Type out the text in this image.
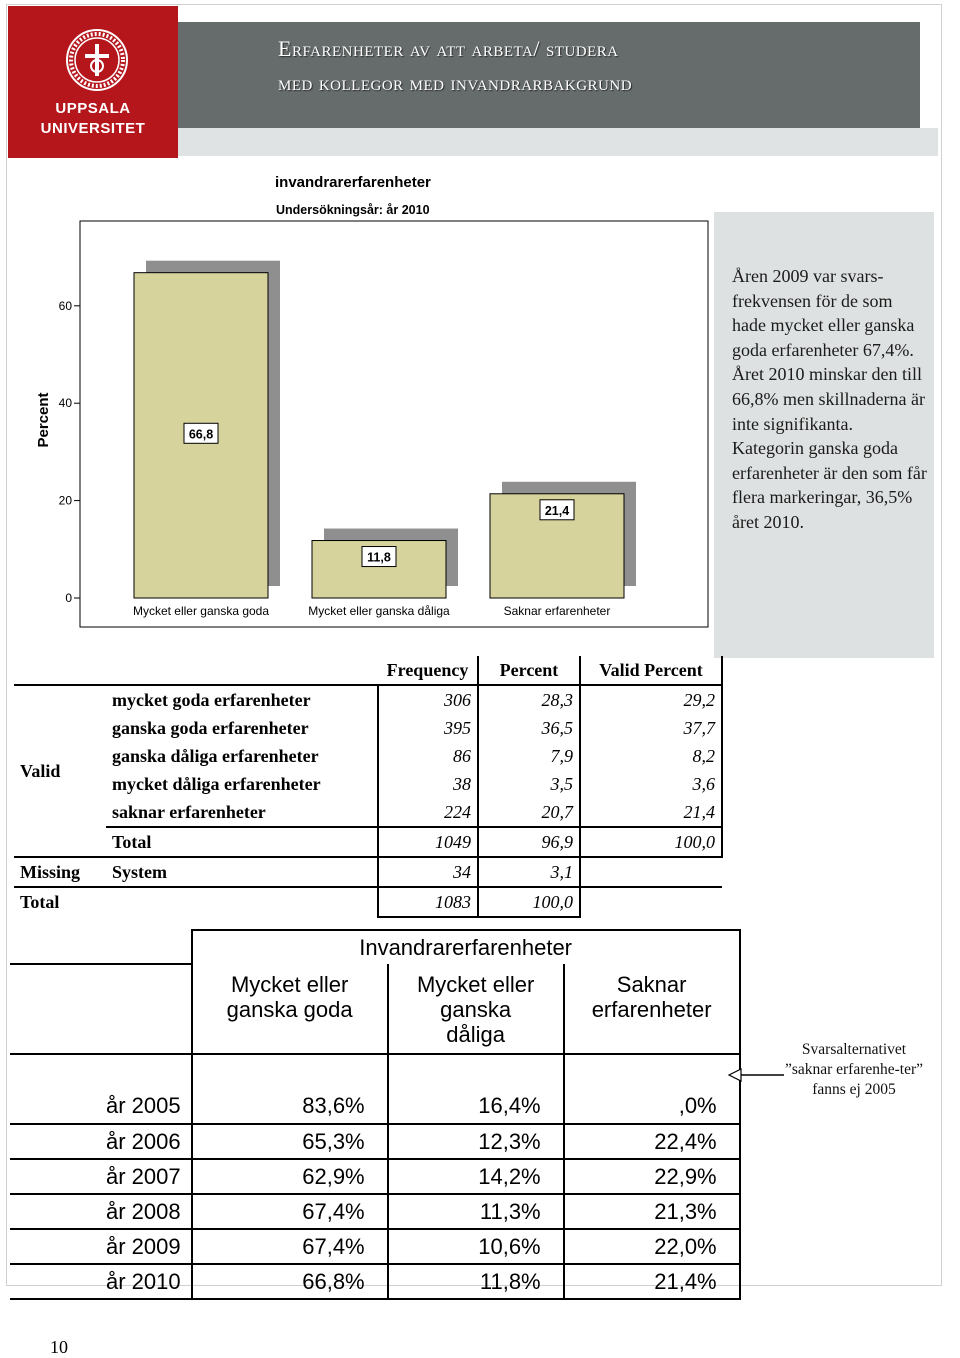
UPPSALA
UNIVERSITET
Erfarenheter av att arbeta/ studera
med kollegor med invandrarbakgrund
invandrarerfarenheter
Undersökningsår: år 2010
0
20
40
60
Percent	66,8
Mycket eller ganska goda
11,8
Mycket eller ganska dåliga
21,4
Saknar erfarenheter
Åren 2009 var svars-frekvensen för de som hade mycket eller ganska goda erfarenheter 67,4%. Året 2010 minskar den till 66,8% men skillnaderna är inte signifikanta. Kategorin ganska goda erfarenheter är den som får flera markeringar, 36,5% året 2010.
		Frequency	Percent	Valid Percent
Valid	mycket goda erfarenheter	306	28,3	29,2
	ganska goda erfarenheter	395	36,5	37,7
	ganska dåliga erfarenheter	86	7,9	8,2
	mycket dåliga erfarenheter	38	3,5	3,6
	saknar erfarenheter	224	20,7	21,4
	Total	1049	96,9	100,0
Missing	System	34	3,1	
Total		1083	100,0	
	Invandrarerfarenheter		
	Mycket eller ganska goda	Mycket eller ganska dåliga	Saknar erfarenheter

år 2005	83,6%	16,4%	,0%
år 2006	65,3%	12,3%	22,4%
år 2007	62,9%	14,2%	22,9%
år 2008	67,4%	11,3%	21,3%
år 2009	67,4%	10,6%	22,0%
år 2010	66,8%	11,8%	21,4%
Svarsalternativet ”saknar erfarenhe-ter” fanns ej 2005
10
